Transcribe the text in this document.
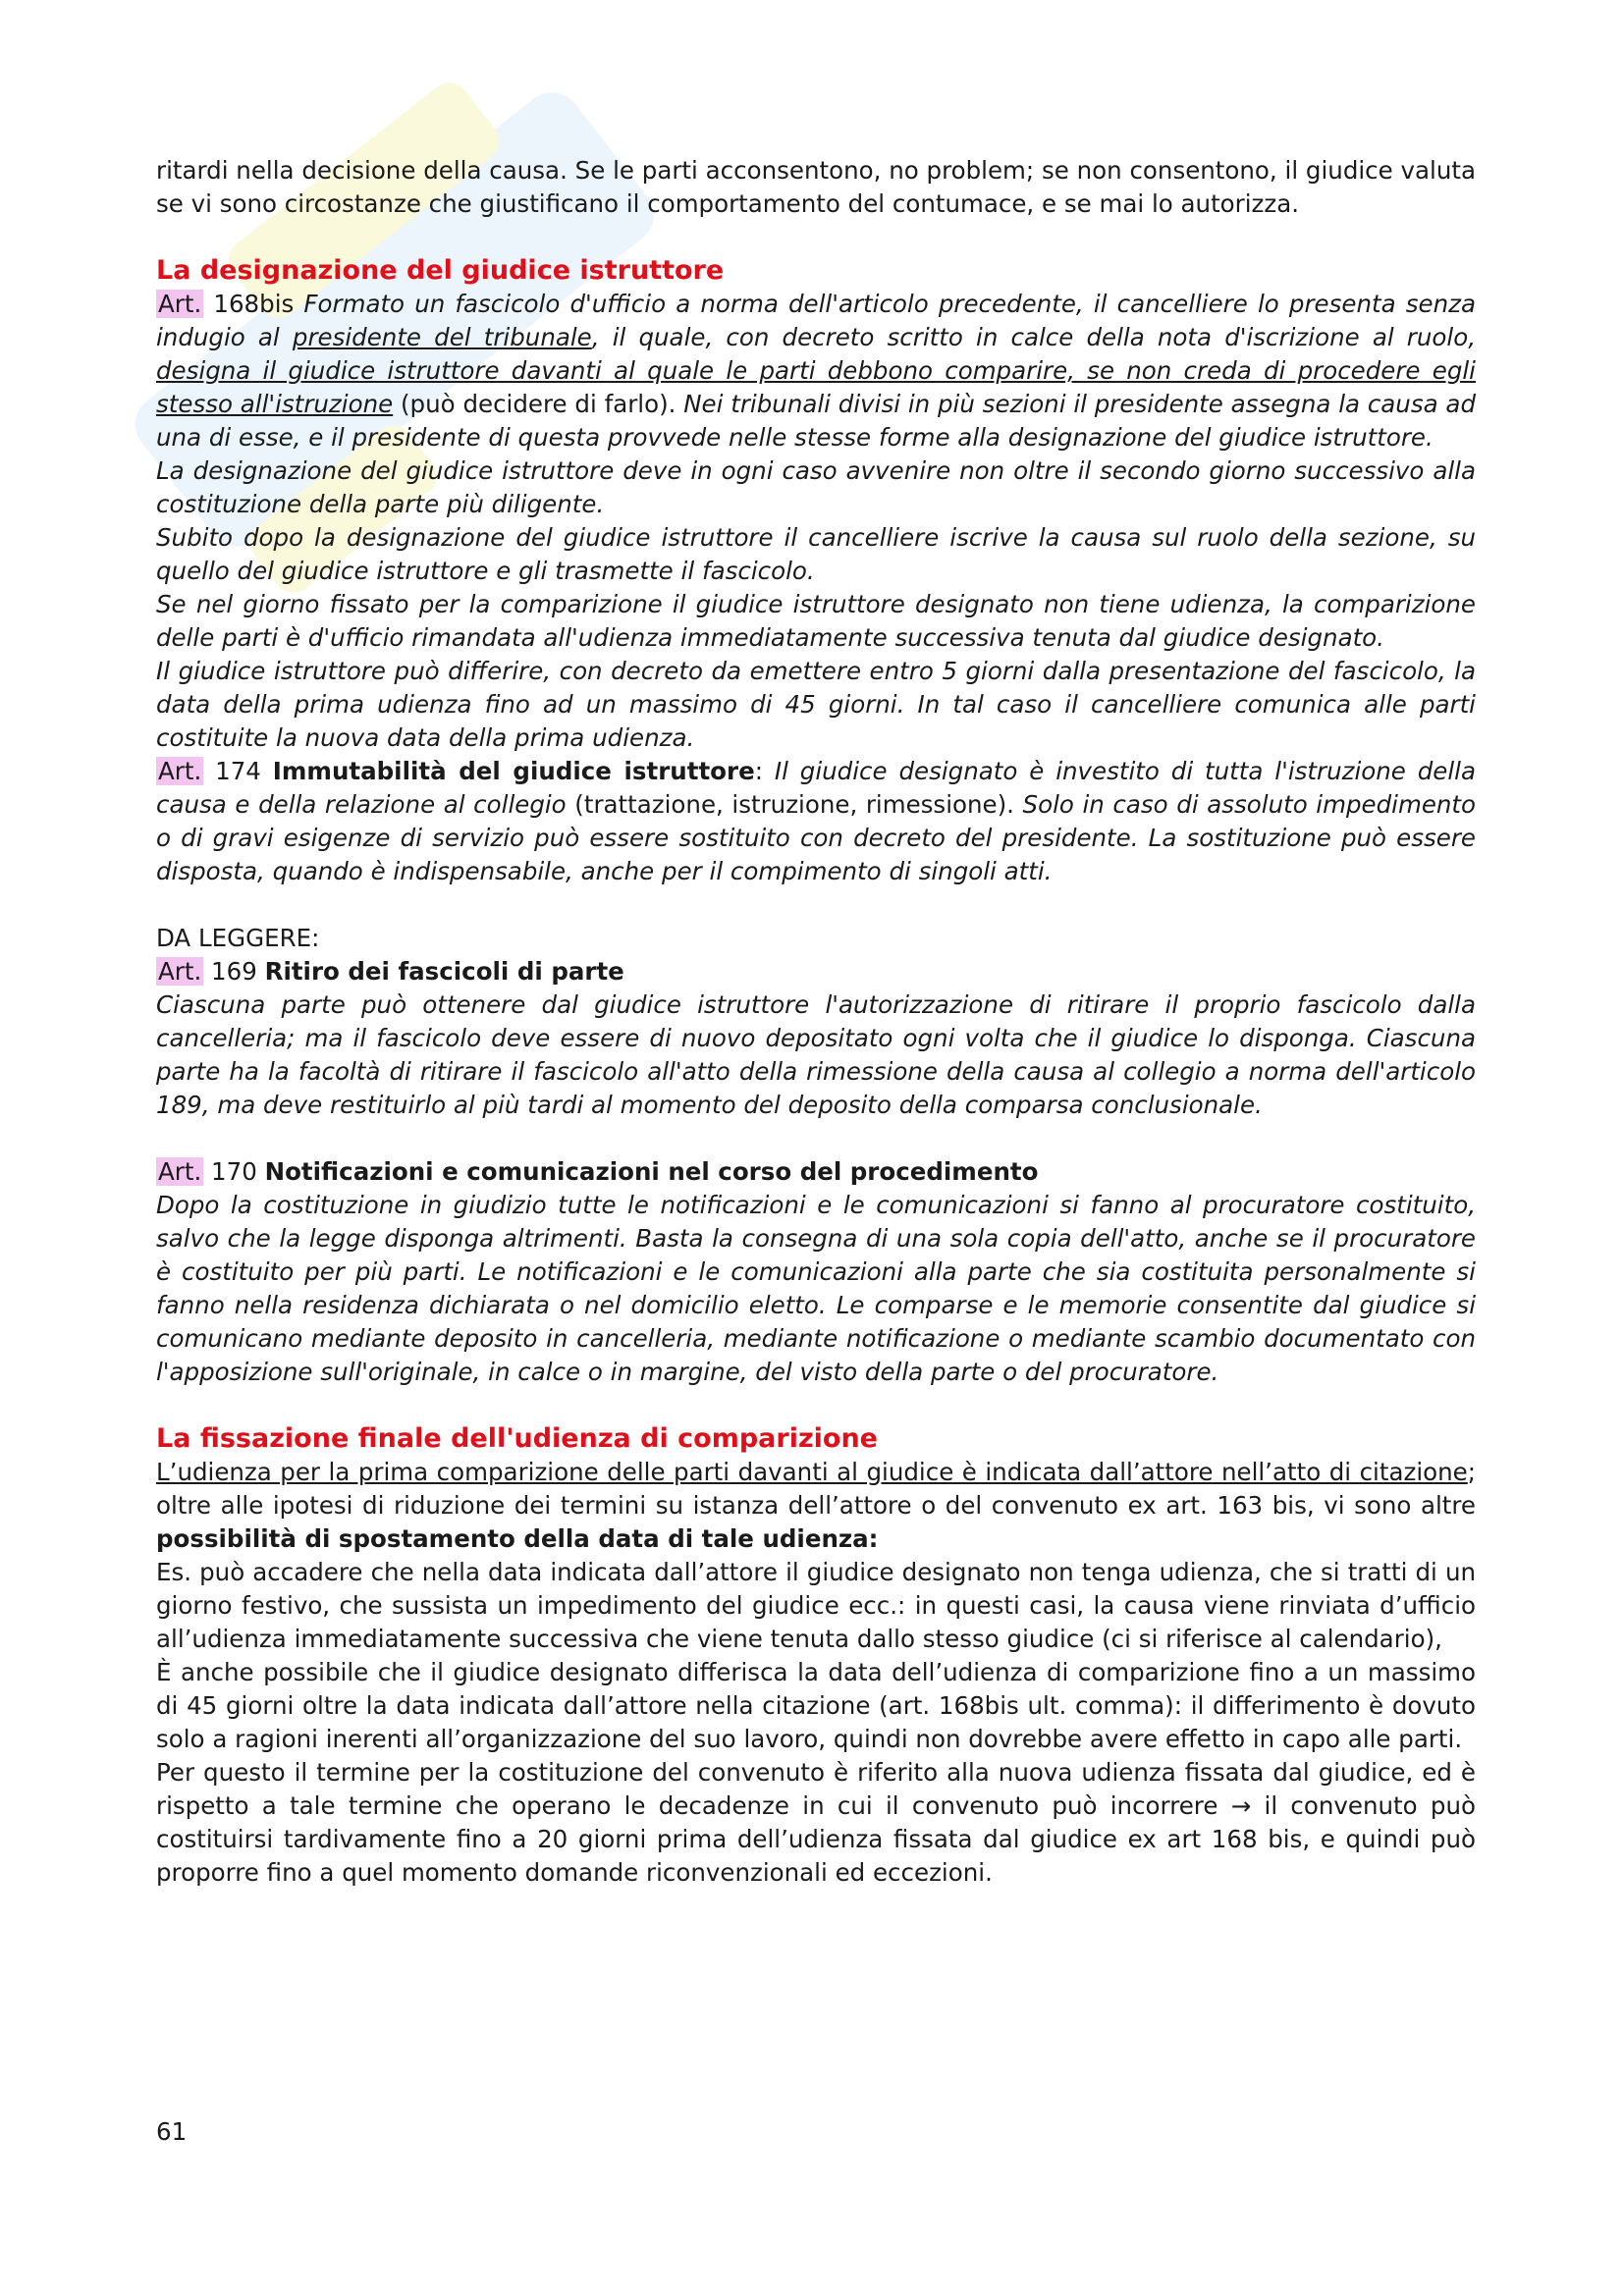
ritardi nella decisione della causa. Se le parti acconsentono, no problem; se non consentono, il giudice valuta se vi sono circostanze che giustificano il comportamento del contumace, e se mai lo autorizza.

La designazione del giudice istruttore

Art. 168bis Formato un fascicolo d'ufficio a norma dell'articolo precedente, il cancelliere lo presenta senza indugio al presidente del tribunale, il quale, con decreto scritto in calce della nota d'iscrizione al ruolo, designa il giudice istruttore davanti al quale le parti debbono comparire, se non creda di procedere egli stesso all'istruzione (può decidere di farlo). Nei tribunali divisi in più sezioni il presidente assegna la causa ad una di esse, e il presidente di questa provvede nelle stesse forme alla designazione del giudice istruttore.

La designazione del giudice istruttore deve in ogni caso avvenire non oltre il secondo giorno successivo alla costituzione della parte più diligente.

Subito dopo la designazione del giudice istruttore il cancelliere iscrive la causa sul ruolo della sezione, su quello del giudice istruttore e gli trasmette il fascicolo.

Se nel giorno fissato per la comparizione il giudice istruttore designato non tiene udienza, la comparizione delle parti è d'ufficio rimandata all'udienza immediatamente successiva tenuta dal giudice designato.

Il giudice istruttore può differire, con decreto da emettere entro 5 giorni dalla presentazione del fascicolo, la data della prima udienza fino ad un massimo di 45 giorni. In tal caso il cancelliere comunica alle parti costituite la nuova data della prima udienza.

Art. 174 Immutabilità del giudice istruttore: Il giudice designato è investito di tutta l'istruzione della causa e della relazione al collegio (trattazione, istruzione, rimessione). Solo in caso di assoluto impedimento o di gravi esigenze di servizio può essere sostituito con decreto del presidente. La sostituzione può essere disposta, quando è indispensabile, anche per il compimento di singoli atti.

DA LEGGERE:

Art. 169 Ritiro dei fascicoli di parte

Ciascuna parte può ottenere dal giudice istruttore l'autorizzazione di ritirare il proprio fascicolo dalla cancelleria; ma il fascicolo deve essere di nuovo depositato ogni volta che il giudice lo disponga. Ciascuna parte ha la facoltà di ritirare il fascicolo all'atto della rimessione della causa al collegio a norma dell'articolo 189, ma deve restituirlo al più tardi al momento del deposito della comparsa conclusionale.

Art. 170 Notificazioni e comunicazioni nel corso del procedimento

Dopo la costituzione in giudizio tutte le notificazioni e le comunicazioni si fanno al procuratore costituito, salvo che la legge disponga altrimenti. Basta la consegna di una sola copia dell'atto, anche se il procuratore è costituito per più parti. Le notificazioni e le comunicazioni alla parte che sia costituita personalmente si fanno nella residenza dichiarata o nel domicilio eletto. Le comparse e le memorie consentite dal giudice si comunicano mediante deposito in cancelleria, mediante notificazione o mediante scambio documentato con l'apposizione sull'originale, in calce o in margine, del visto della parte o del procuratore.

La fissazione finale dell'udienza di comparizione

L’udienza per la prima comparizione delle parti davanti al giudice è indicata dall’attore nell’atto di citazione; oltre alle ipotesi di riduzione dei termini su istanza dell’attore o del convenuto ex art. 163 bis, vi sono altre possibilità di spostamento della data di tale udienza:

Es. può accadere che nella data indicata dall’attore il giudice designato non tenga udienza, che si tratti di un giorno festivo, che sussista un impedimento del giudice ecc.: in questi casi, la causa viene rinviata d’ufficio all’udienza immediatamente successiva che viene tenuta dallo stesso giudice (ci si riferisce al calendario),

È anche possibile che il giudice designato differisca la data dell’udienza di comparizione fino a un massimo di 45 giorni oltre la data indicata dall’attore nella citazione (art. 168bis ult. comma): il differimento è dovuto solo a ragioni inerenti all’organizzazione del suo lavoro, quindi non dovrebbe avere effetto in capo alle parti.

Per questo il termine per la costituzione del convenuto è riferito alla nuova udienza fissata dal giudice, ed è rispetto a tale termine che operano le decadenze in cui il convenuto può incorrere → il convenuto può costituirsi tardivamente fino a 20 giorni prima dell’udienza fissata dal giudice ex art 168 bis, e quindi può proporre fino a quel momento domande riconvenzionali ed eccezioni.

61
